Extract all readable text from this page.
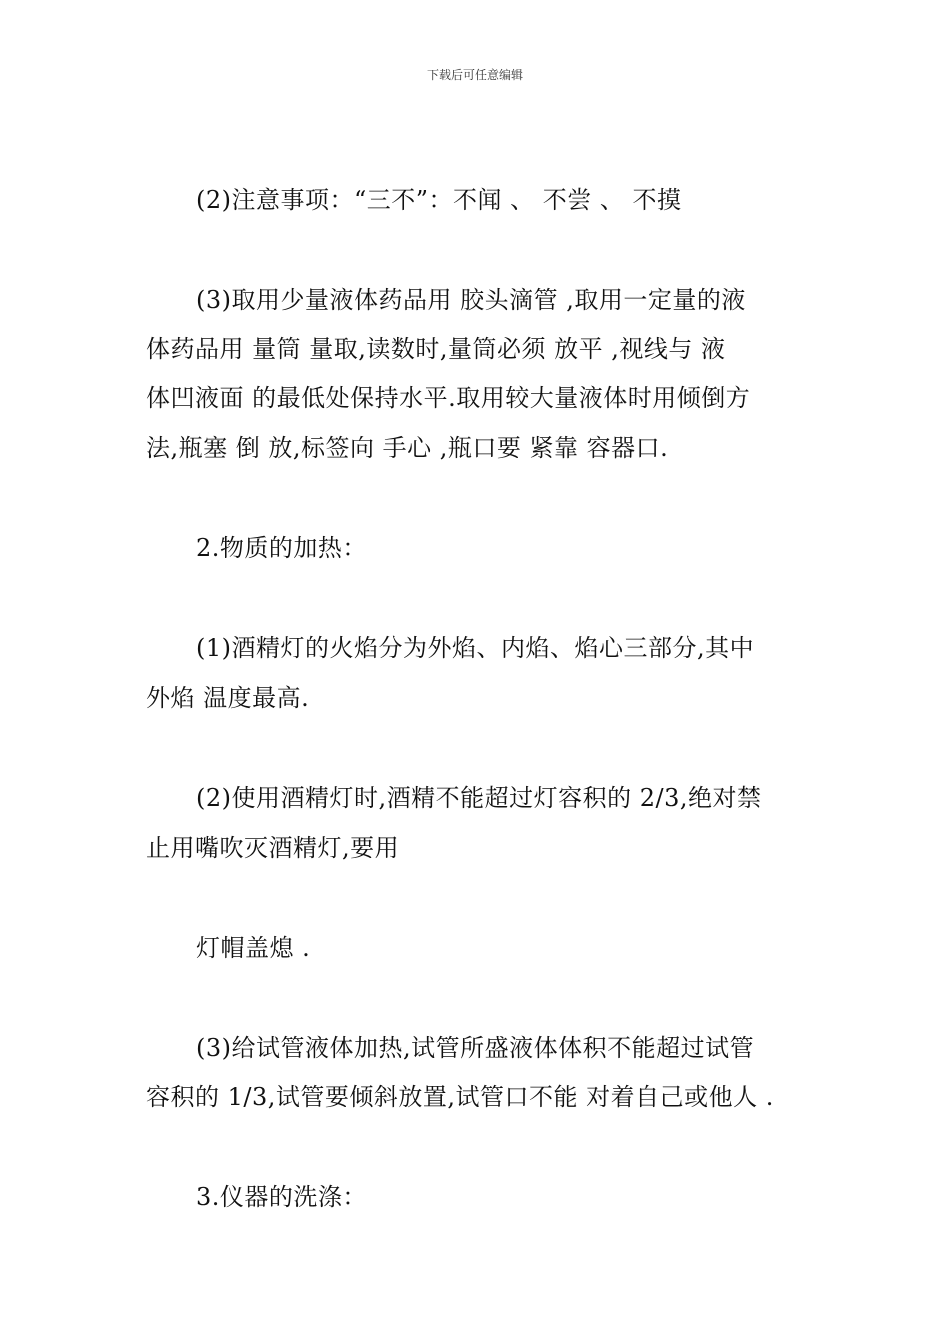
下载后可任意编辑
(2)注意事项：“三不”：不闻 、 不尝 、 不摸
(3)取用少量液体药品用 胶头滴管 ,取用一定量的液
体药品用 量筒 量取,读数时,量筒必须 放平 ,视线与 液
体凹液面 的最低处保持水平.取用较大量液体时用倾倒方
法,瓶塞 倒 放,标签向 手心 ,瓶口要 紧靠 容器口.
2.物质的加热：
(1)酒精灯的火焰分为外焰、内焰、焰心三部分,其中
外焰 温度最高.
(2)使用酒精灯时,酒精不能超过灯容积的 2/3,绝对禁
止用嘴吹灭酒精灯,要用
灯帽盖熄 .
(3)给试管液体加热,试管所盛液体体积不能超过试管
容积的 1/3,试管要倾斜放置,试管口不能 对着自己或他人 .
3.仪器的洗涤：
